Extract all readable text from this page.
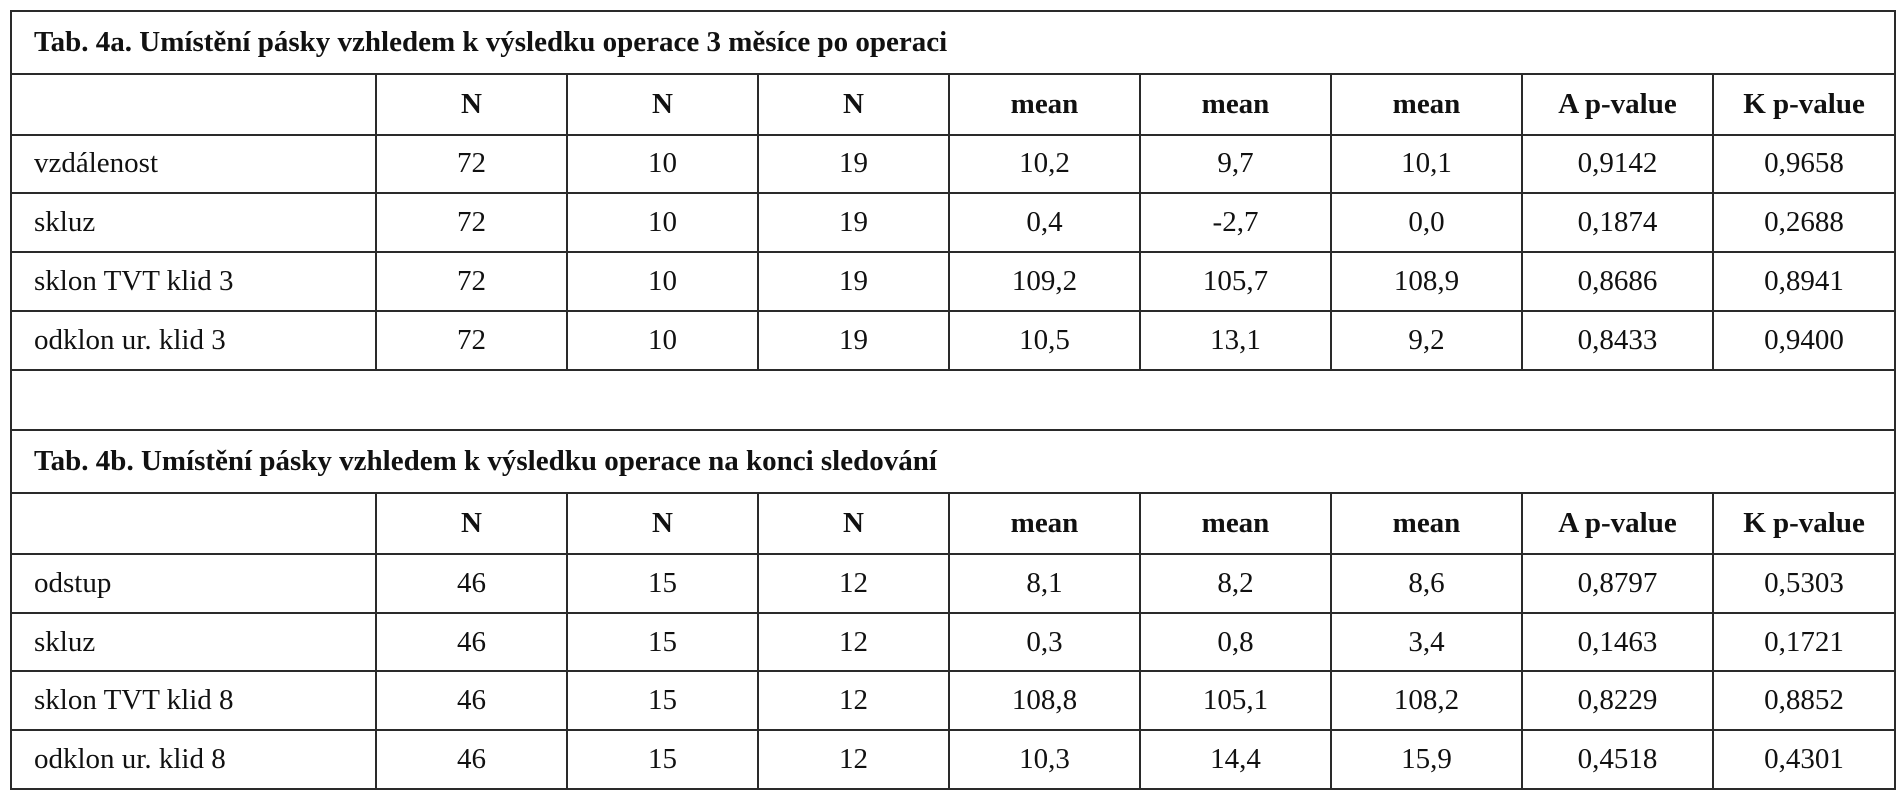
Tab. 4a. Umístění pásky vzhledem k výsledku operace 3 měsíce po operaci								
	N	N	N	mean	mean	mean	A p-value	K p-value
vzdálenost	72	10	19	10,2	9,7	10,1	0,9142	0,9658
skluz	72	10	19	0,4	-2,7	0,0	0,1874	0,2688
sklon TVT klid 3	72	10	19	109,2	105,7	108,9	0,8686	0,8941
odklon ur. klid 3	72	10	19	10,5	13,1	9,2	0,8433	0,9400

Tab. 4b. Umístění pásky vzhledem k výsledku operace na konci sledování								
	N	N	N	mean	mean	mean	A p-value	K p-value
odstup	46	15	12	8,1	8,2	8,6	0,8797	0,5303
skluz	46	15	12	0,3	0,8	3,4	0,1463	0,1721
sklon TVT klid 8	46	15	12	108,8	105,1	108,2	0,8229	0,8852
odklon ur. klid 8	46	15	12	10,3	14,4	15,9	0,4518	0,4301
